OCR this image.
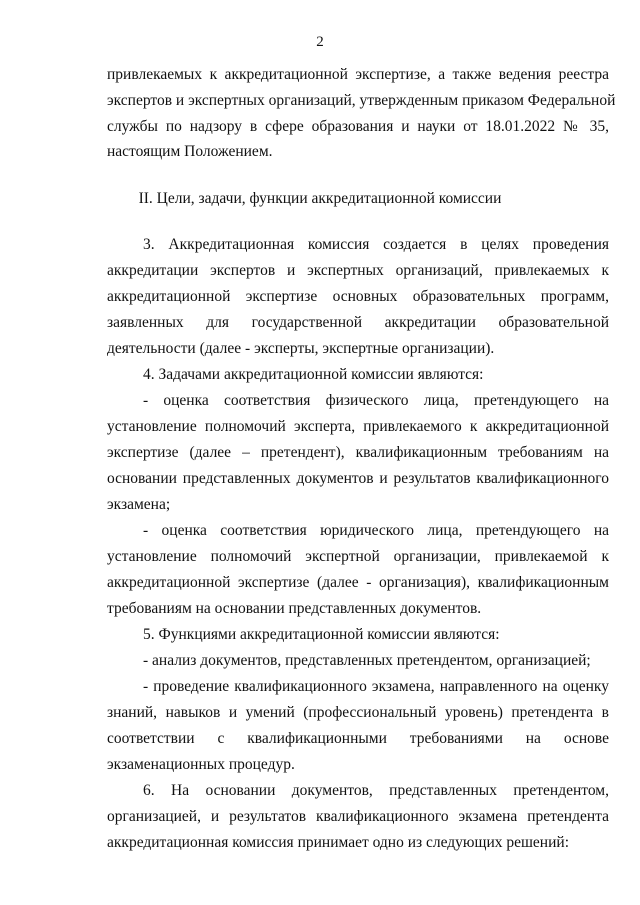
2
привлекаемых к аккредитационной экспертизе, а также ведения реестра
экспертов и экспертных организаций, утвержденным приказом Федеральной
службы по надзору в сфере образования и науки от 18.01.2022 № 35,
настоящим Положением.
II. Цели, задачи, функции аккредитационной комиссии
3. Аккредитационная комиссия создается в целях проведения
аккредитации экспертов и экспертных организаций, привлекаемых к
аккредитационной экспертизе основных образовательных программ,
заявленных для государственной аккредитации образовательной
деятельности (далее - эксперты, экспертные организации).
4. Задачами аккредитационной комиссии являются:
- оценка соответствия физического лица, претендующего на
установление полномочий эксперта, привлекаемого к аккредитационной
экспертизе (далее – претендент), квалификационным требованиям на
основании представленных документов и результатов квалификационного
экзамена;
- оценка соответствия юридического лица, претендующего на
установление полномочий экспертной организации, привлекаемой к
аккредитационной экспертизе (далее - организация), квалификационным
требованиям на основании представленных документов.
5. Функциями аккредитационной комиссии являются:
- анализ документов, представленных претендентом, организацией;
- проведение квалификационного экзамена, направленного на оценку
знаний, навыков и умений (профессиональный уровень) претендента в
соответствии с квалификационными требованиями на основе
экзаменационных процедур.
6. На основании документов, представленных претендентом,
организацией, и результатов квалификационного экзамена претендента
аккредитационная комиссия принимает одно из следующих решений:
